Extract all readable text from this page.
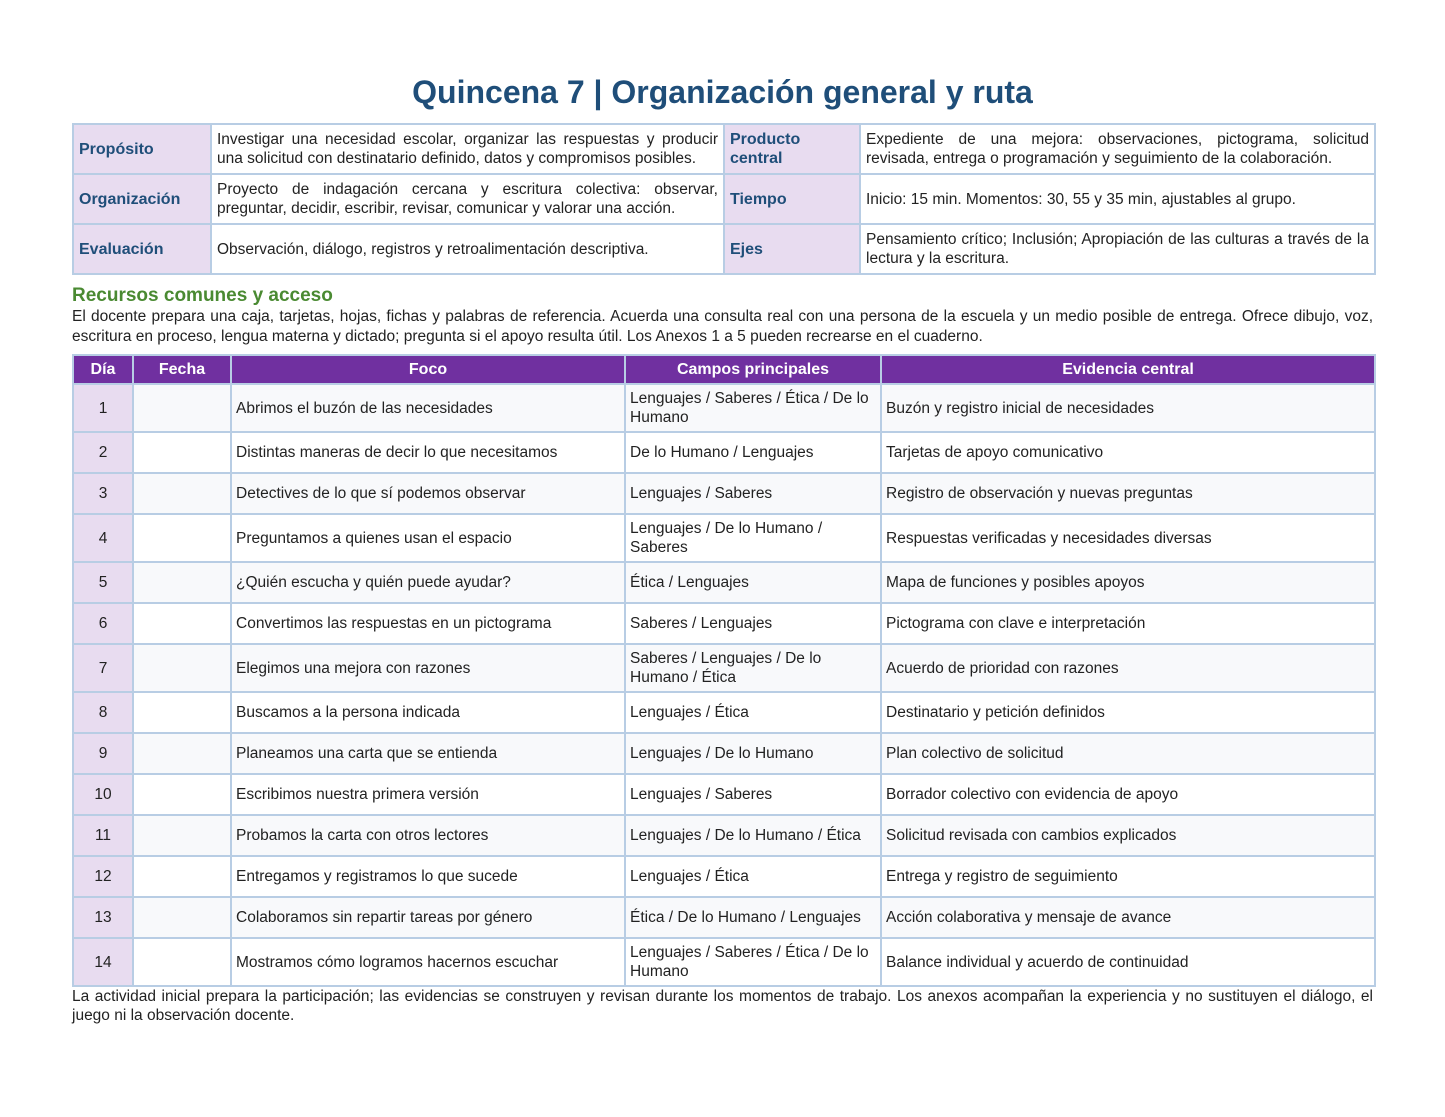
Quincena 7 | Organización general y ruta
Propósito	Investigar una necesidad escolar, organizar las respuestas y producir una solicitud con destinatario definido, datos y compromisos posibles.	Producto central	Expediente de una mejora: observaciones, pictograma, solicitud revisada, entrega o programación y seguimiento de la colaboración.
Organización	Proyecto de indagación cercana y escritura colectiva: observar, preguntar, decidir, escribir, revisar, comunicar y valorar una acción.	Tiempo	Inicio: 15 min. Momentos: 30, 55 y 35 min, ajustables al grupo.
Evaluación	Observación, diálogo, registros y retroalimentación descriptiva.	Ejes	Pensamiento crítico; Inclusión; Apropiación de las culturas a través de la lectura y la escritura.
Recursos comunes y acceso
El docente prepara una caja, tarjetas, hojas, fichas y palabras de referencia. Acuerda una consulta real con una persona de la escuela y un medio posible de entrega. Ofrece dibujo, voz, escritura en proceso, lengua materna y dictado; pregunta si el apoyo resulta útil. Los Anexos 1 a 5 pueden recrearse en el cuaderno.
Día	Fecha	Foco	Campos principales	Evidencia central
1		Abrimos el buzón de las necesidades	Lenguajes / Saberes / Ética / De lo Humano	Buzón y registro inicial de necesidades
2		Distintas maneras de decir lo que necesitamos	De lo Humano / Lenguajes	Tarjetas de apoyo comunicativo
3		Detectives de lo que sí podemos observar	Lenguajes / Saberes	Registro de observación y nuevas preguntas
4		Preguntamos a quienes usan el espacio	Lenguajes / De lo Humano / Saberes	Respuestas verificadas y necesidades diversas
5		¿Quién escucha y quién puede ayudar?	Ética / Lenguajes	Mapa de funciones y posibles apoyos
6		Convertimos las respuestas en un pictograma	Saberes / Lenguajes	Pictograma con clave e interpretación
7		Elegimos una mejora con razones	Saberes / Lenguajes / De lo Humano / Ética	Acuerdo de prioridad con razones
8		Buscamos a la persona indicada	Lenguajes / Ética	Destinatario y petición definidos
9		Planeamos una carta que se entienda	Lenguajes / De lo Humano	Plan colectivo de solicitud
10		Escribimos nuestra primera versión	Lenguajes / Saberes	Borrador colectivo con evidencia de apoyo
11		Probamos la carta con otros lectores	Lenguajes / De lo Humano / Ética	Solicitud revisada con cambios explicados
12		Entregamos y registramos lo que sucede	Lenguajes / Ética	Entrega y registro de seguimiento
13		Colaboramos sin repartir tareas por género	Ética / De lo Humano / Lenguajes	Acción colaborativa y mensaje de avance
14		Mostramos cómo logramos hacernos escuchar	Lenguajes / Saberes / Ética / De lo Humano	Balance individual y acuerdo de continuidad
La actividad inicial prepara la participación; las evidencias se construyen y revisan durante los momentos de trabajo. Los anexos acompañan la experiencia y no sustituyen el diálogo, el juego ni la observación docente.
